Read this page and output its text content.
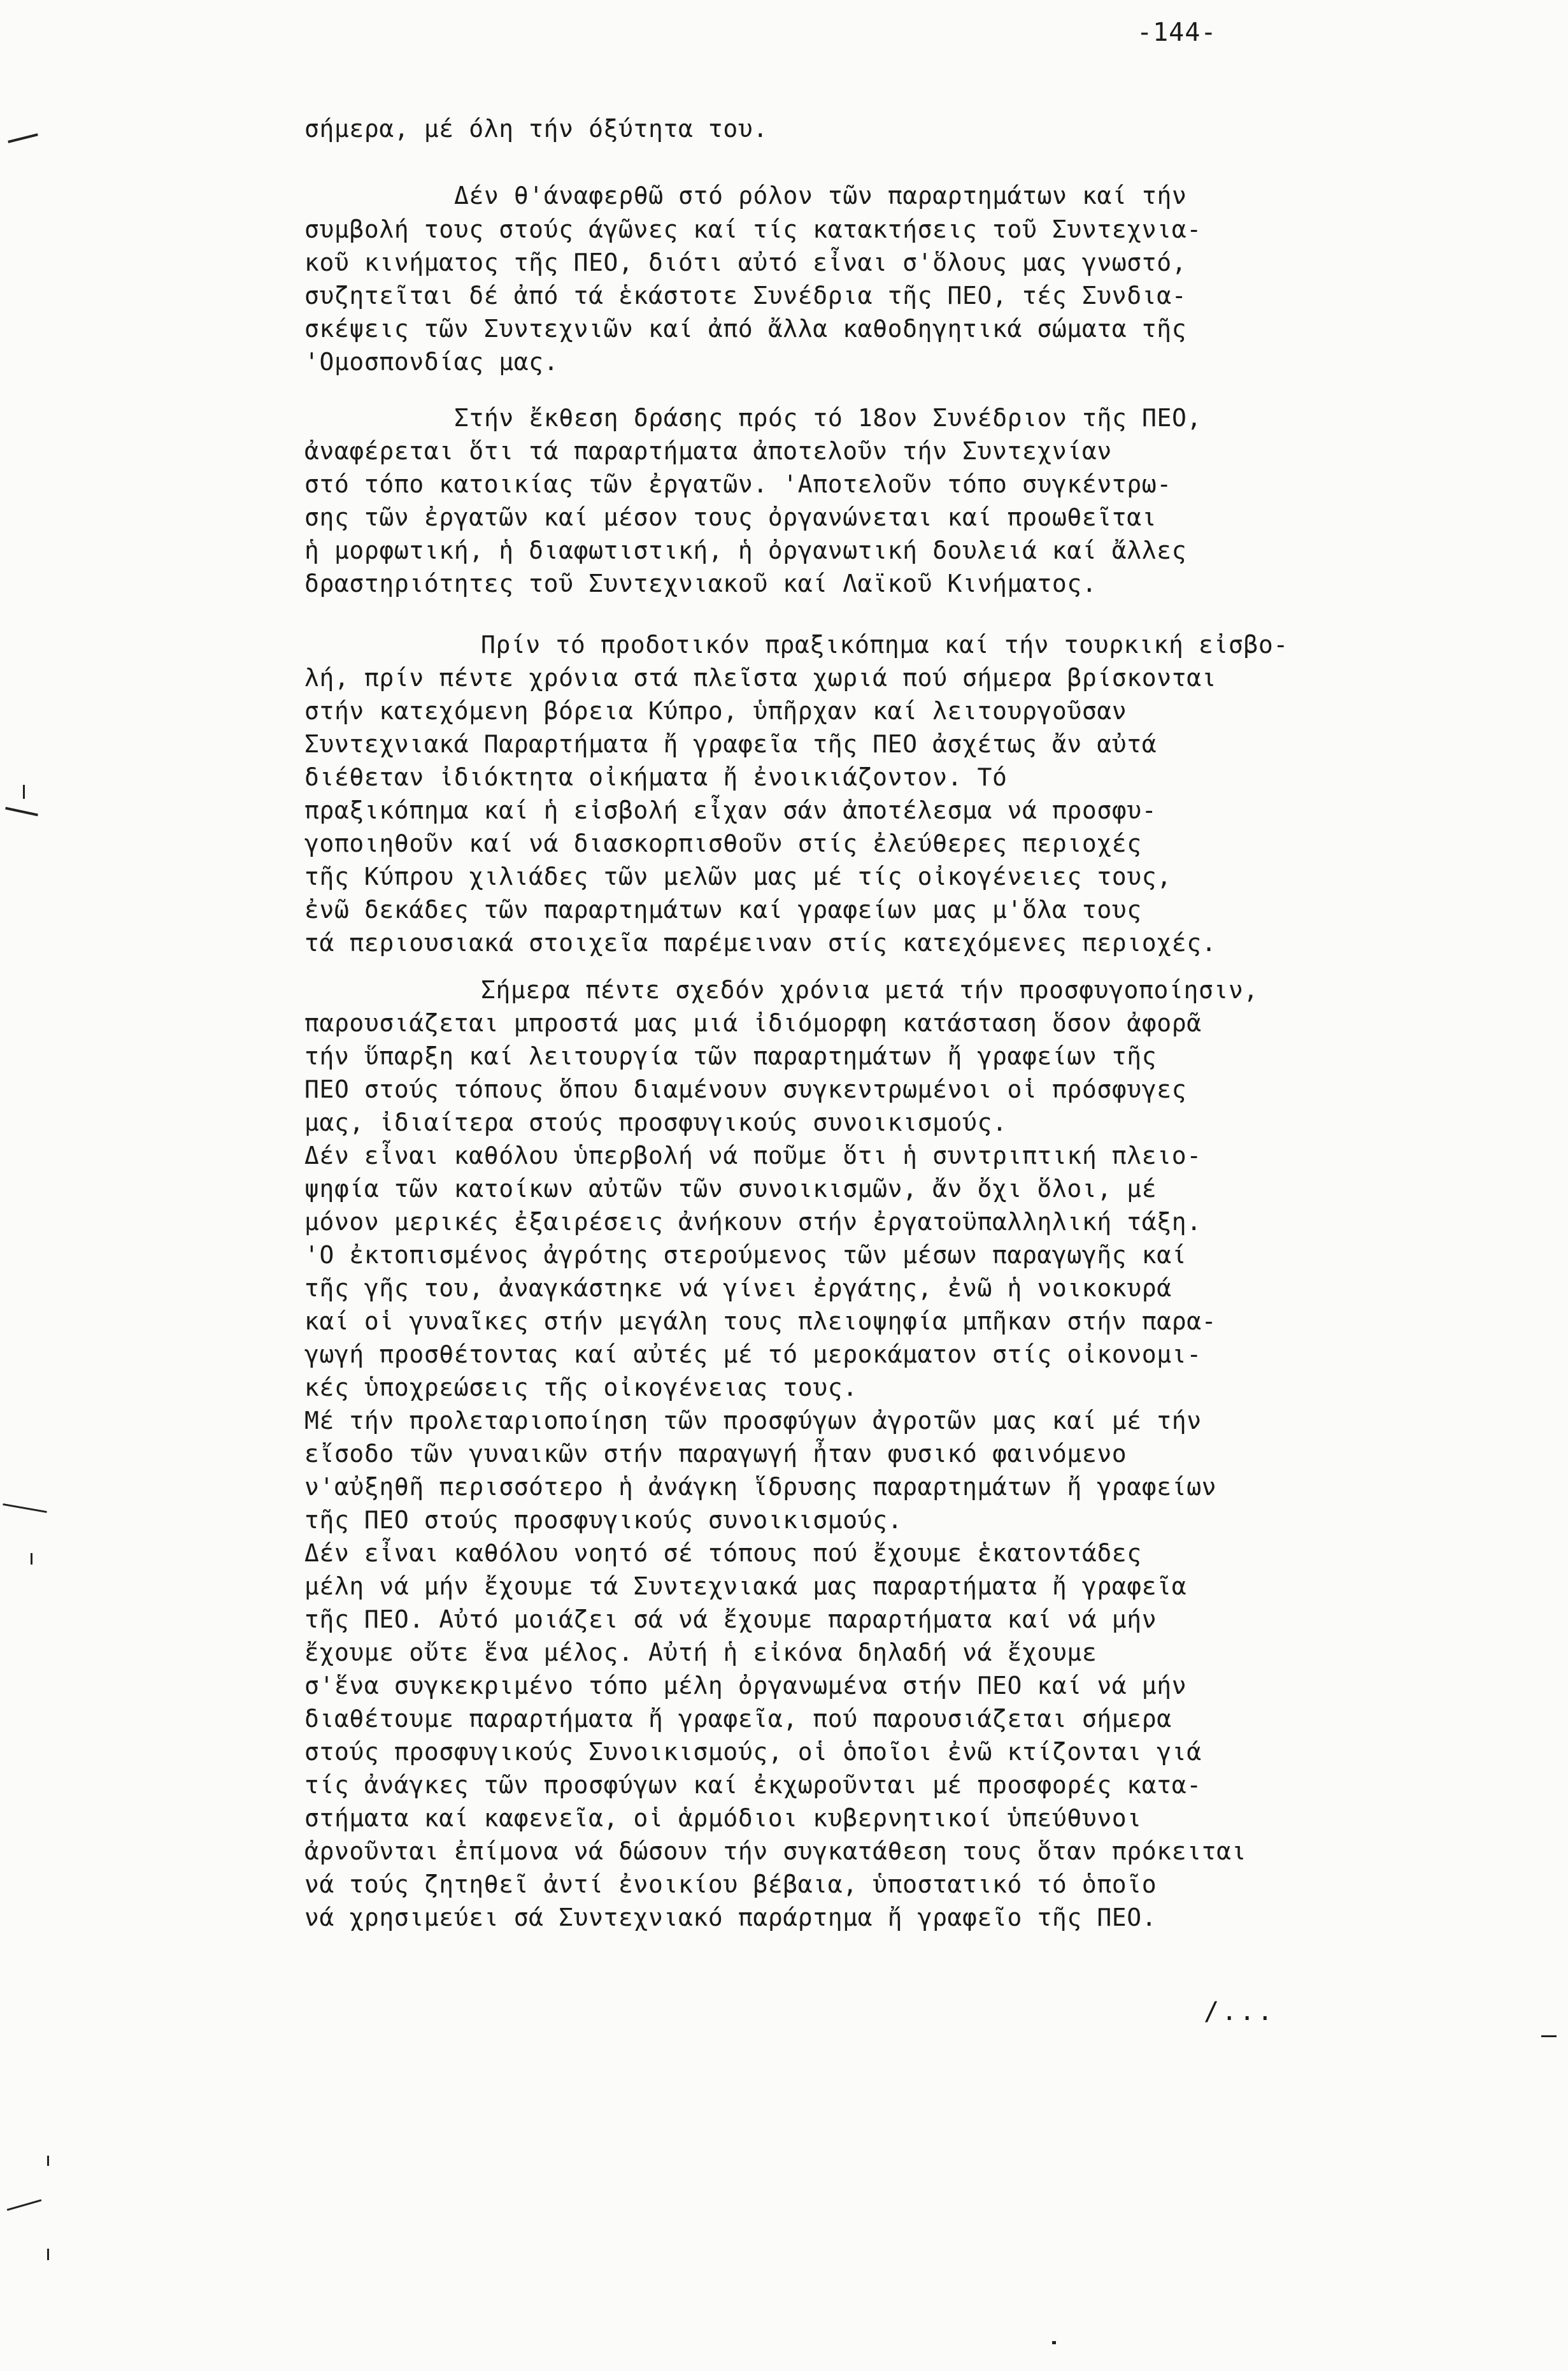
-144-
σήμερα, μέ όλη τήν όξύτητα του.
Δέν θ'άναφερθῶ στό ρόλον τῶν παραρτημάτων καί τήν
συμβολή τους στούς άγῶνες καί τίς κατακτήσεις τοῦ Συντεχνια-
κοῦ κινήματος τῆς ΠΕΟ, διότι αὐτό εἶναι σ'ὅλους μας γνωστό,
συζητεῖται δέ ἀπό τά ἑκάστοτε Συνέδρια τῆς ΠΕΟ, τές Συνδια-
σκέψεις τῶν Συντεχνιῶν καί ἀπό ἄλλα καθοδηγητικά σώματα τῆς
'Ομοσπονδίας μας.
Στήν ἔκθεση δράσης πρός τό 18ον Συνέδριον τῆς ΠΕΟ,
ἀναφέρεται ὅτι τά παραρτήματα ἀποτελοῦν τήν Συντεχνίαν
στό τόπο κατοικίας τῶν ἐργατῶν. 'Αποτελοῦν τόπο συγκέντρω-
σης τῶν ἐργατῶν καί μέσον τους ὀργανώνεται καί προωθεῖται
ἡ μορφωτική, ἡ διαφωτιστική, ἡ ὀργανωτική δουλειά καί ἄλλες
δραστηριότητες τοῦ Συντεχνιακοῦ καί Λαϊκοῦ Κινήματος.
Πρίν τό προδοτικόν πραξικόπημα καί τήν τουρκική εἰσβο-
λή, πρίν πέντε χρόνια στά πλεῖστα χωριά πού σήμερα βρίσκονται
στήν κατεχόμενη βόρεια Κύπρο, ὑπῆρχαν καί λειτουργοῦσαν
Συντεχνιακά Παραρτήματα ἤ γραφεῖα τῆς ΠΕΟ ἀσχέτως ἄν αὐτά
διέθεταν ἰδιόκτητα οἰκήματα ἤ ἐνοικιάζοντον. Τό
πραξικόπημα καί ἡ εἰσβολή εἶχαν σάν ἀποτέλεσμα νά προσφυ-
γοποιηθοῦν καί νά διασκορπισθοῦν στίς ἐλεύθερες περιοχές
τῆς Κύπρου χιλιάδες τῶν μελῶν μας μέ τίς οἰκογένειες τους,
ἐνῶ δεκάδες τῶν παραρτημάτων καί γραφείων μας μ'ὅλα τους
τά περιουσιακά στοιχεῖα παρέμειναν στίς κατεχόμενες περιοχές.
Σήμερα πέντε σχεδόν χρόνια μετά τήν προσφυγοποίησιν,
παρουσιάζεται μπροστά μας μιά ἰδιόμορφη κατάσταση ὅσον ἀφορᾶ
τήν ὕπαρξη καί λειτουργία τῶν παραρτημάτων ἤ γραφείων τῆς
ΠΕΟ στούς τόπους ὅπου διαμένουν συγκεντρωμένοι οἱ πρόσφυγες
μας, ἰδιαίτερα στούς προσφυγικούς συνοικισμούς.
Δέν εἶναι καθόλου ὑπερβολή νά ποῦμε ὅτι ἡ συντριπτική πλειο-
ψηφία τῶν κατοίκων αὐτῶν τῶν συνοικισμῶν, ἄν ὄχι ὅλοι, μέ
μόνον μερικές ἐξαιρέσεις ἀνήκουν στήν ἐργατοϋπαλληλική τάξη.
'Ο ἐκτοπισμένος ἀγρότης στερούμενος τῶν μέσων παραγωγῆς καί
τῆς γῆς του, ἀναγκάστηκε νά γίνει ἐργάτης, ἐνῶ ἡ νοικοκυρά
καί οἱ γυναῖκες στήν μεγάλη τους πλειοψηφία μπῆκαν στήν παρα-
γωγή προσθέτοντας καί αὐτές μέ τό μεροκάματον στίς οἰκονομι-
κές ὑποχρεώσεις τῆς οἰκογένειας τους.
Μέ τήν προλεταριοποίηση τῶν προσφύγων ἀγροτῶν μας καί μέ τήν
εἴσοδο τῶν γυναικῶν στήν παραγωγή ἦταν φυσικό φαινόμενο
ν'αὐξηθῆ περισσότερο ἡ ἀνάγκη ἵδρυσης παραρτημάτων ἤ γραφείων
τῆς ΠΕΟ στούς προσφυγικούς συνοικισμούς.
Δέν εἶναι καθόλου νοητό σέ τόπους πού ἔχουμε ἑκατοντάδες
μέλη νά μήν ἔχουμε τά Συντεχνιακά μας παραρτήματα ἤ γραφεῖα
τῆς ΠΕΟ. Αὐτό μοιάζει σά νά ἔχουμε παραρτήματα καί νά μήν
ἔχουμε οὔτε ἕνα μέλος. Αὐτή ἡ εἰκόνα δηλαδή νά ἔχουμε
σ'ἕνα συγκεκριμένο τόπο μέλη ὀργανωμένα στήν ΠΕΟ καί νά μήν
διαθέτουμε παραρτήματα ἤ γραφεῖα, πού παρουσιάζεται σήμερα
στούς προσφυγικούς Συνοικισμούς, οἱ ὁποῖοι ἐνῶ κτίζονται γιά
τίς ἀνάγκες τῶν προσφύγων καί ἐκχωροῦνται μέ προσφορές κατα-
στήματα καί καφενεῖα, οἱ ἁρμόδιοι κυβερνητικοί ὑπεύθυνοι
ἀρνοῦνται ἐπίμονα νά δώσουν τήν συγκατάθεση τους ὅταν πρόκειται
νά τούς ζητηθεῖ ἀντί ἐνοικίου βέβαια, ὑποστατικό τό ὁποῖο
νά χρησιμεύει σά Συντεχνιακό παράρτημα ἤ γραφεῖο τῆς ΠΕΟ.
/...
